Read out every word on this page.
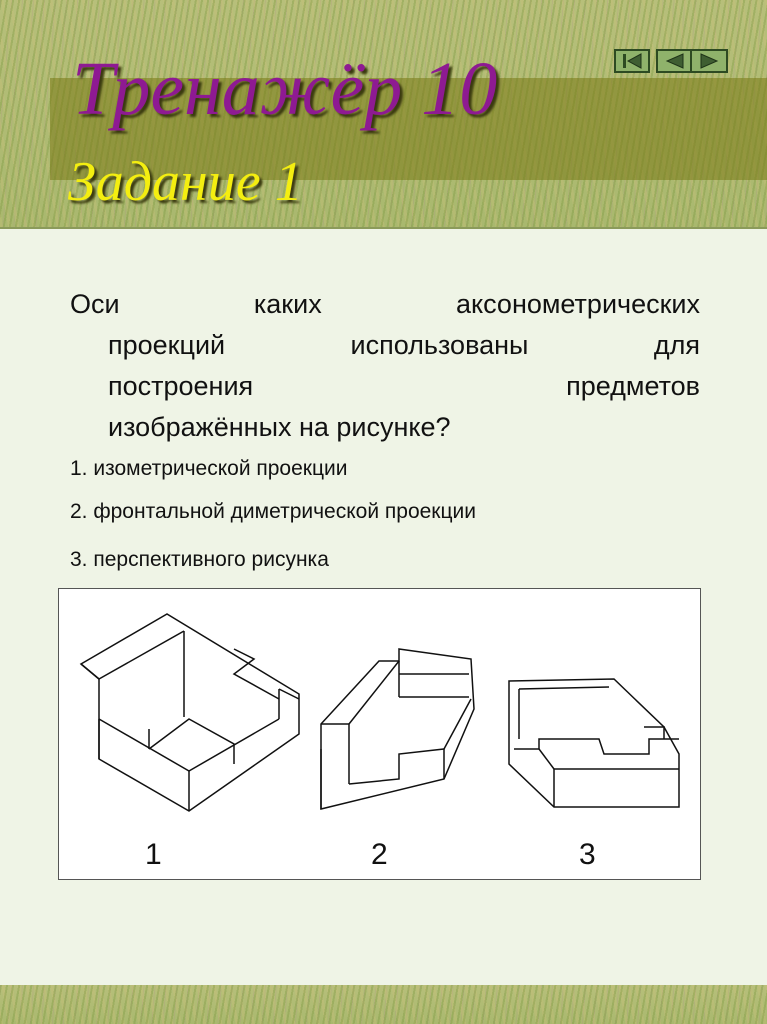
Тренажёр 10
Задание 1

Оси каких аксонометрических

проекций использованы для

построения предметов

изображённых на рисунке?

1. изометрической проекции
2. фронтальной диметрической проекции
3. перспективного рисунка
1	2	3
